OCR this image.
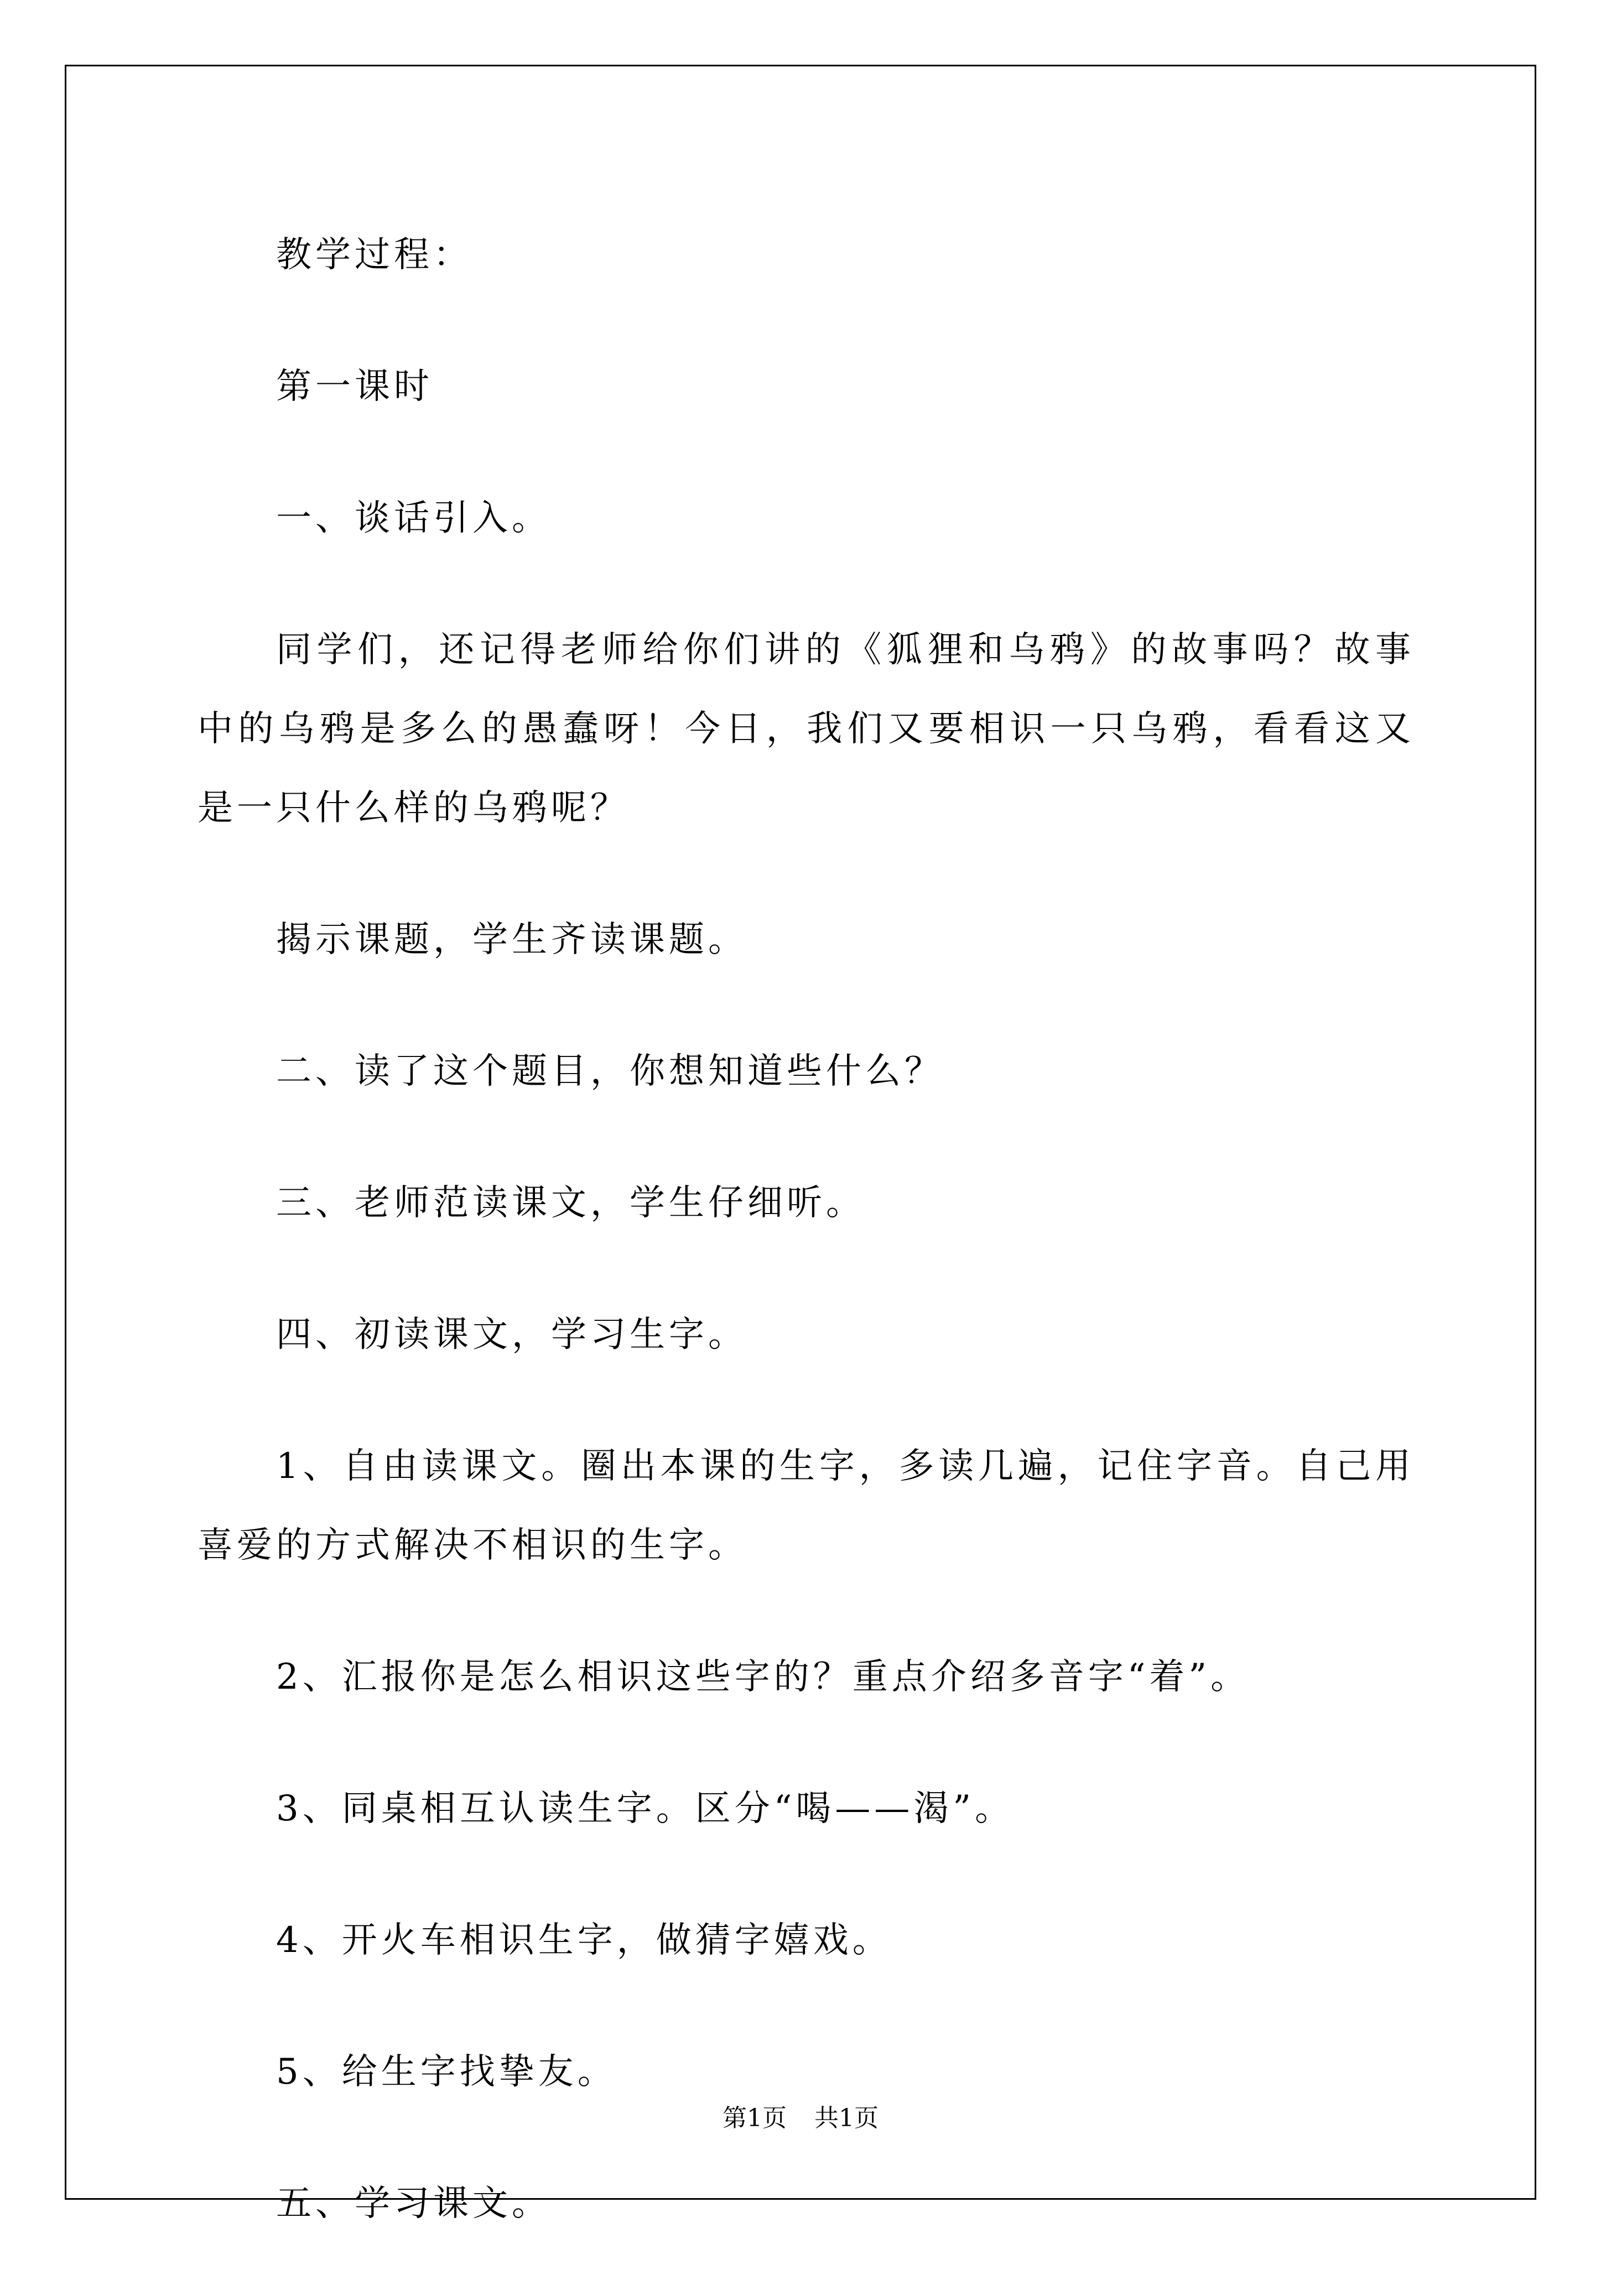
教学过程：

第一课时

一、谈话引入。

同学们，还记得老师给你们讲的《狐狸和乌鸦》的故事吗？故事中的乌鸦是多么的愚蠢呀！今日，我们又要相识一只乌鸦，看看这又是一只什么样的乌鸦呢？

揭示课题，学生齐读课题。

二、读了这个题目，你想知道些什么？

三、老师范读课文，学生仔细听。

四、初读课文，学习生字。

1、自由读课文。圈出本课的生字，多读几遍，记住字音。自己用喜爱的方式解决不相识的生字。

2、汇报你是怎么相识这些字的？重点介绍多音字“着”。

3、同桌相互认读生字。区分“喝——渴”。

4、开火车相识生字，做猜字嬉戏。

5、给生字找挚友。

五、学习课文。

第1页 共1页
